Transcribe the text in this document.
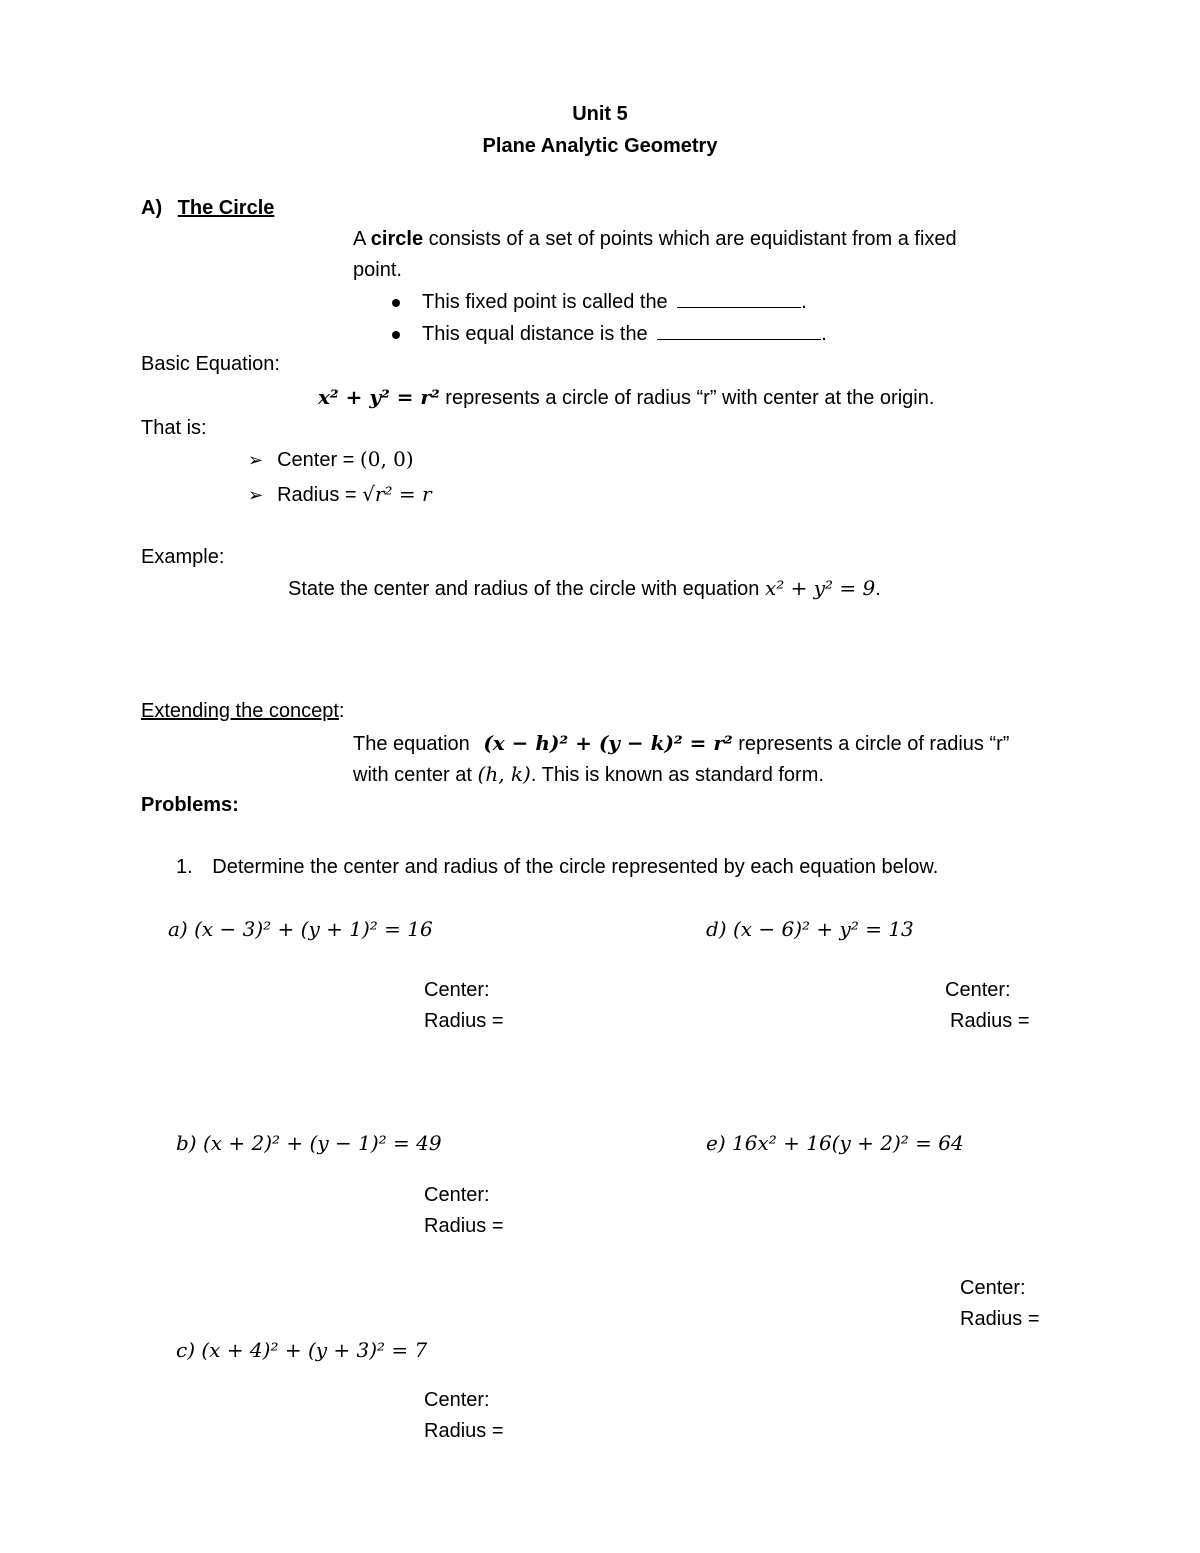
Unit 5
Plane Analytic Geometry
A) The Circle
A circle consists of a set of points which are equidistant from a fixed
point.
This fixed point is called the	.
This equal distance is the	.
Basic Equation:
x² + y² = r² represents a circle of radius “r” with center at the origin.
That is:
➢ Center = (0, 0)
➢ Radius = √r² = r
Example:
State the center and radius of the circle with equation x² + y² = 9.
Extending the concept:
The equation (x − h)² + (y − k)² = r² represents a circle of radius “r”
with center at (h, k). This is known as standard form.
Problems:
1. Determine the center and radius of the circle represented by each equation below.
a) (x − 3)² + (y + 1)² = 16
Center:
Radius =
d) (x − 6)² + y² = 13
Center:
Radius =
b) (x + 2)² + (y − 1)² = 49
Center:
Radius =
e) 16x² + 16(y + 2)² = 64
Center:
Radius =
c) (x + 4)² + (y + 3)² = 7
Center:
Radius =
